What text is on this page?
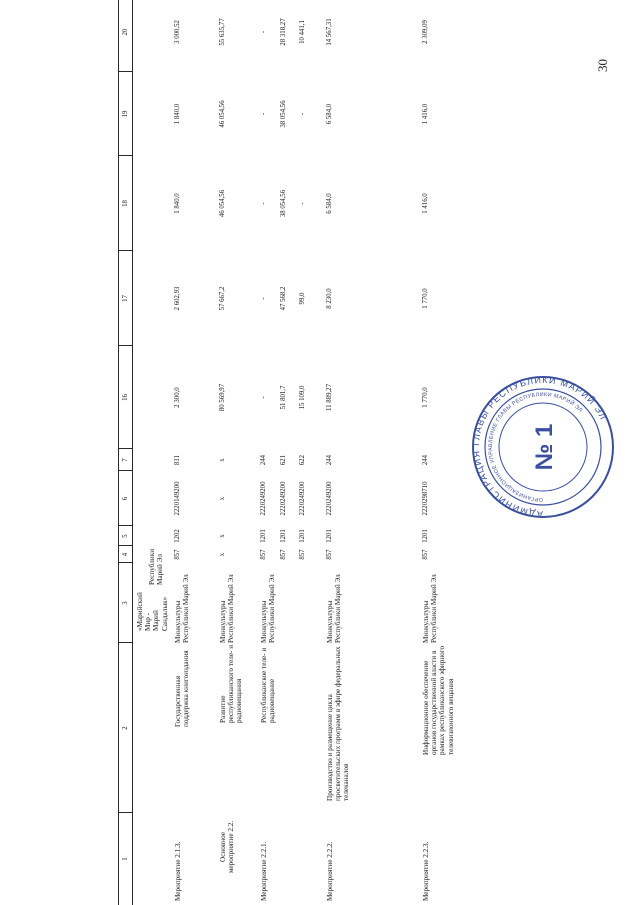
30
1
2
3
4
5
6
7
16
17
18
19
20
«Марийский Мир - Марий Сандалык»
Республики Марий Эл
Мероприятие 2.1.3.
Государственная поддержка книгоиздания
Минкультуры Республики Марий Эл
857
1202
2220149200
811
2 300,0
2 602,93
1 840,0
1 840,0
3 000,52
Основное мероприятие 2.2.
Развитие республиканского теле- и радиовещания
Минкультуры Республики Марий Эл
х
х
х
х
80 569,97
57 667,2
46 054,56
46 054,56
55 635,77
Мероприятие 2.2.1.
Республиканское теле- и радиовещание
Минкультуры Республики Марий Эл
857
1201
2220249200
244
-
-
-
-
-
857
1201
2220249200
621
51 801,7
47 568,2
38 054,56
38 054,56
28 318,27
857
1201
2220249200
622
15 109,0
99,0
-
-
10 441,1
Мероприятие 2.2.2.
Производство и размещение цикла просветительских программ в эфире федеральных телеканалов
Минкультуры Республики Марий Эл
857
1201
2220249200
244
11 889,27
8 230,0
6 584,0
6 584,0
14 567,31
Мероприятие 2.2.3.
Информационное обеспечение органов государственной власти в рамках республиканского эфирного телевизионного вещания
Минкультуры Республики Марий Эл
857
1201
2220298710
244
1 770,0
1 770,0
1 416,0
1 416,0
2 309,09
АДМИНИСТРАЦИЯ ГЛАВЫ РЕСПУБЛИКИ МАРИЙ ЭЛ
ОРГАНИЗАЦИОННОЕ УПРАВЛЕНИЕ ГЛАВЫ РЕСПУБЛИКИ МАРИЙ ЭЛ
№ 1
